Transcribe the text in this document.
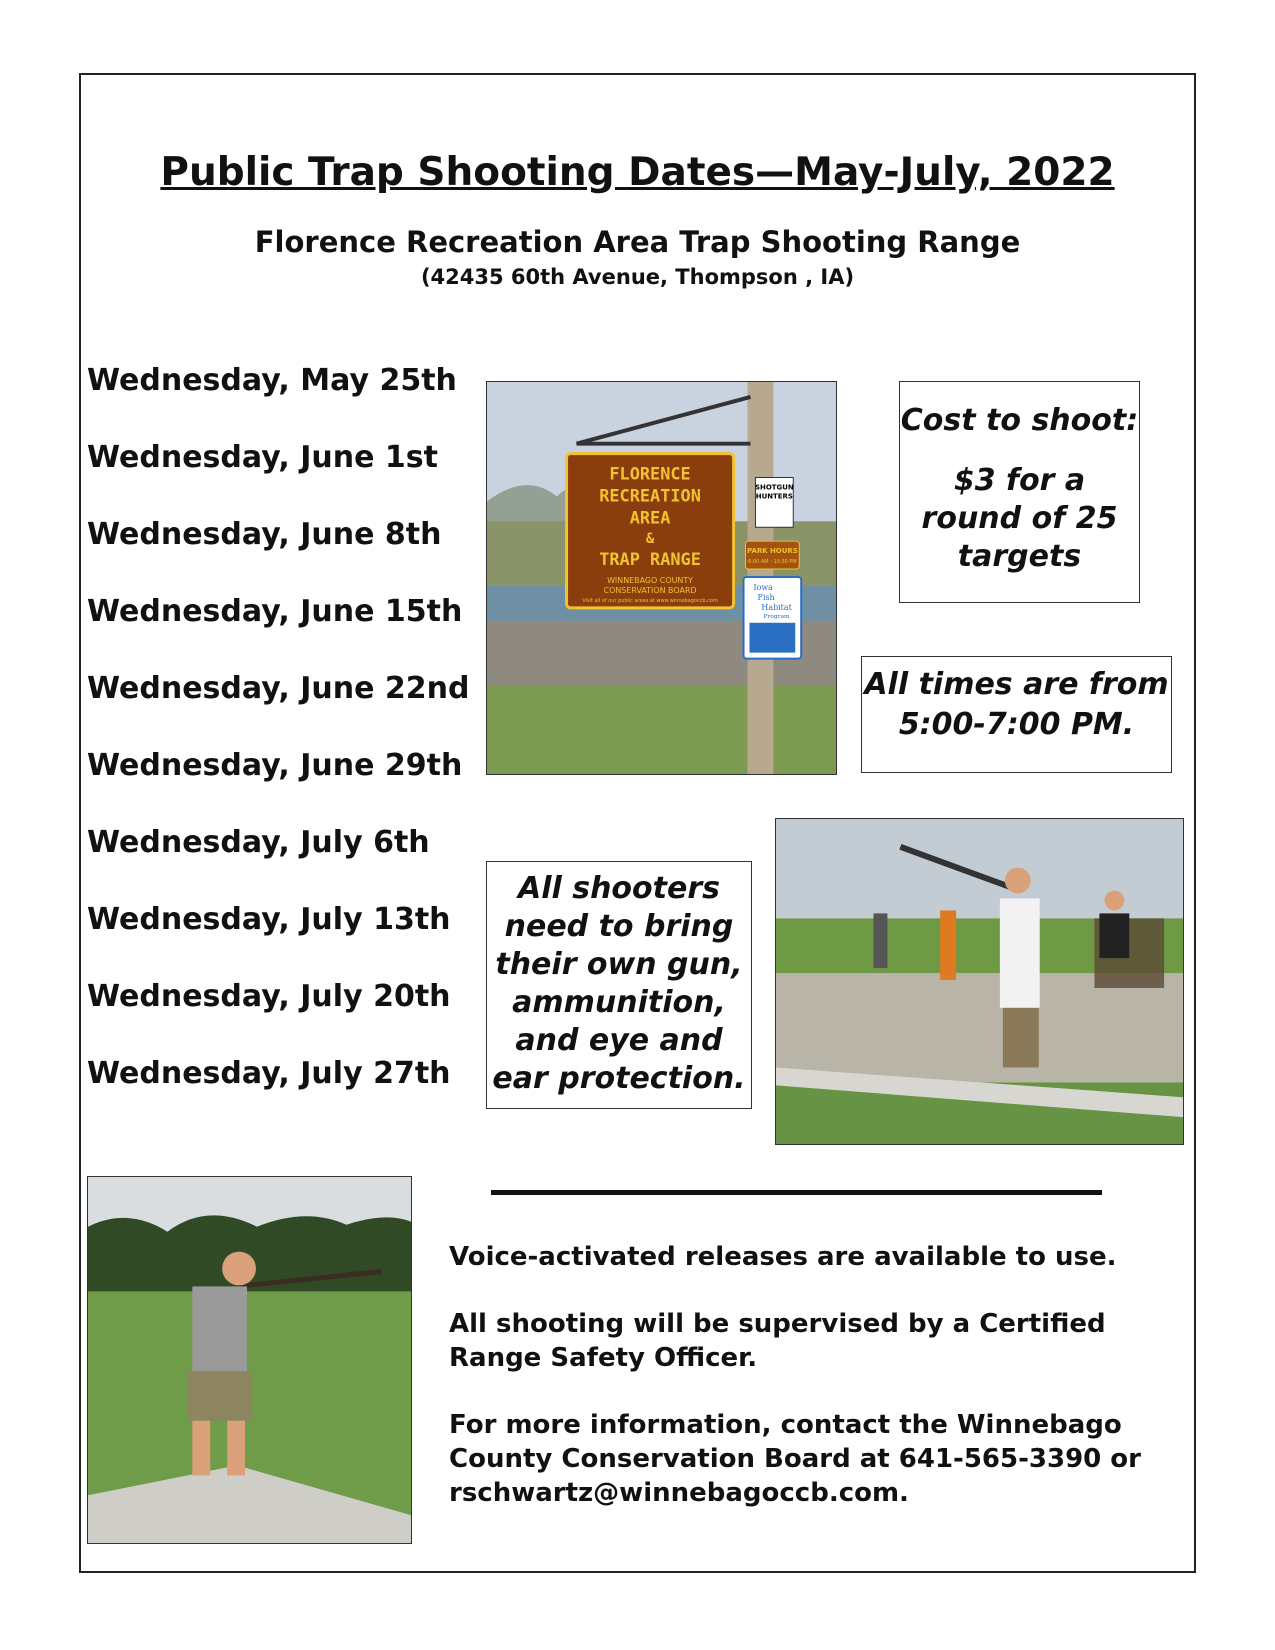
Public Trap Shooting Dates—May-July, 2022
Florence Recreation Area Trap Shooting Range
(42435 60th Avenue, Thompson , IA)
Wednesday, May 25th
Wednesday, June 1st
Wednesday, June 8th
Wednesday, June 15th
Wednesday, June 22nd
Wednesday, June 29th
Wednesday, July 6th
Wednesday, July 13th
Wednesday, July 20th
Wednesday, July 27th
FLORENCE
RECREATION
AREA
&
TRAP RANGE
WINNEBAGO COUNTY
CONSERVATION BOARD
Visit all of our public areas at www.winnebagoccb.com
SHOTGUN
HUNTERS
PARK HOURS
6:00 AM - 10:30 PM
Iowa
Fish
Habitat
Program
Cost to shoot:
$3 for a
round of 25
targets
All times are from
5:00-7:00 PM.
All shooters
need to bring
their own gun,
ammunition,
and eye and
ear protection.

Voice-activated releases are available to use.

All shooting will be supervised by a Certified Range Safety Officer.

For more information, contact the Winnebago County Conservation Board at 641-565-3390 or rschwartz@winnebagoccb.com.
